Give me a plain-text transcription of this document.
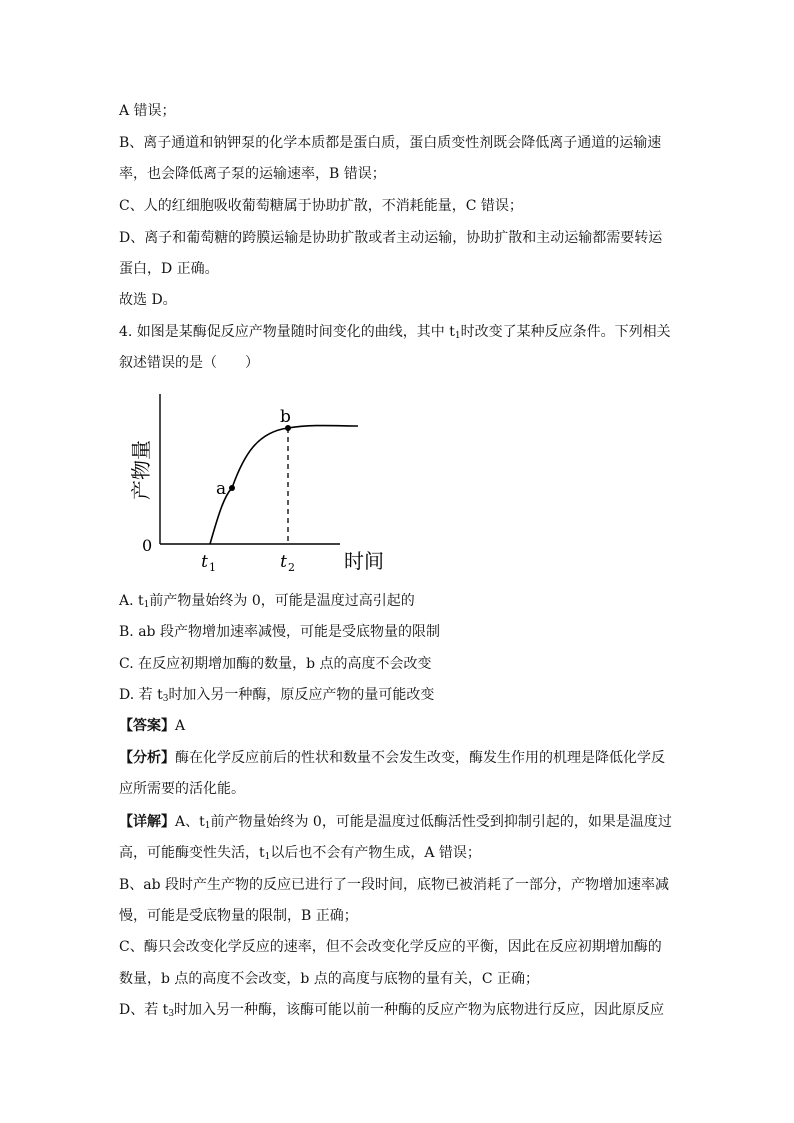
A 错误；
B、离子通道和钠钾泵的化学本质都是蛋白质，蛋白质变性剂既会降低离子通道的运输速
率，也会降低离子泵的运输速率，B 错误；
C、人的红细胞吸收葡萄糖属于协助扩散，不消耗能量，C 错误；
D、离子和葡萄糖的跨膜运输是协助扩散或者主动运输，协助扩散和主动运输都需要转运
蛋白，D 正确。
故选 D。
4. 如图是某酶促反应产物量随时间变化的曲线，其中 $t_1$时改变了某种反应条件。下列相关
叙述错误的是（　　）
产物量
0
时间
t 1	t 2
a
b
A. $t_1$前产物量始终为 0，可能是温度过高引起的
B. ab 段产物增加速率减慢，可能是受底物量的限制
C. 在反应初期增加酶的数量，b 点的高度不会改变
D. 若 $t_3$时加入另一种酶，原反应产物的量可能改变
【答案】A
【分析】酶在化学反应前后的性状和数量不会发生改变，酶发生作用的机理是降低化学反
应所需要的活化能。
【详解】A、$t_1$前产物量始终为 0，可能是温度过低酶活性受到抑制引起的，如果是温度过
高，可能酶变性失活，$t_1$以后也不会有产物生成，A 错误；
B、ab 段时产生产物的反应已进行了一段时间，底物已被消耗了一部分，产物增加速率减
慢，可能是受底物量的限制，B 正确；
C、酶只会改变化学反应的速率，但不会改变化学反应的平衡，因此在反应初期增加酶的
数量，b 点的高度不会改变，b 点的高度与底物的量有关，C 正确；
D、若 $t_3$时加入另一种酶，该酶可能以前一种酶的反应产物为底物进行反应，因此原反应
